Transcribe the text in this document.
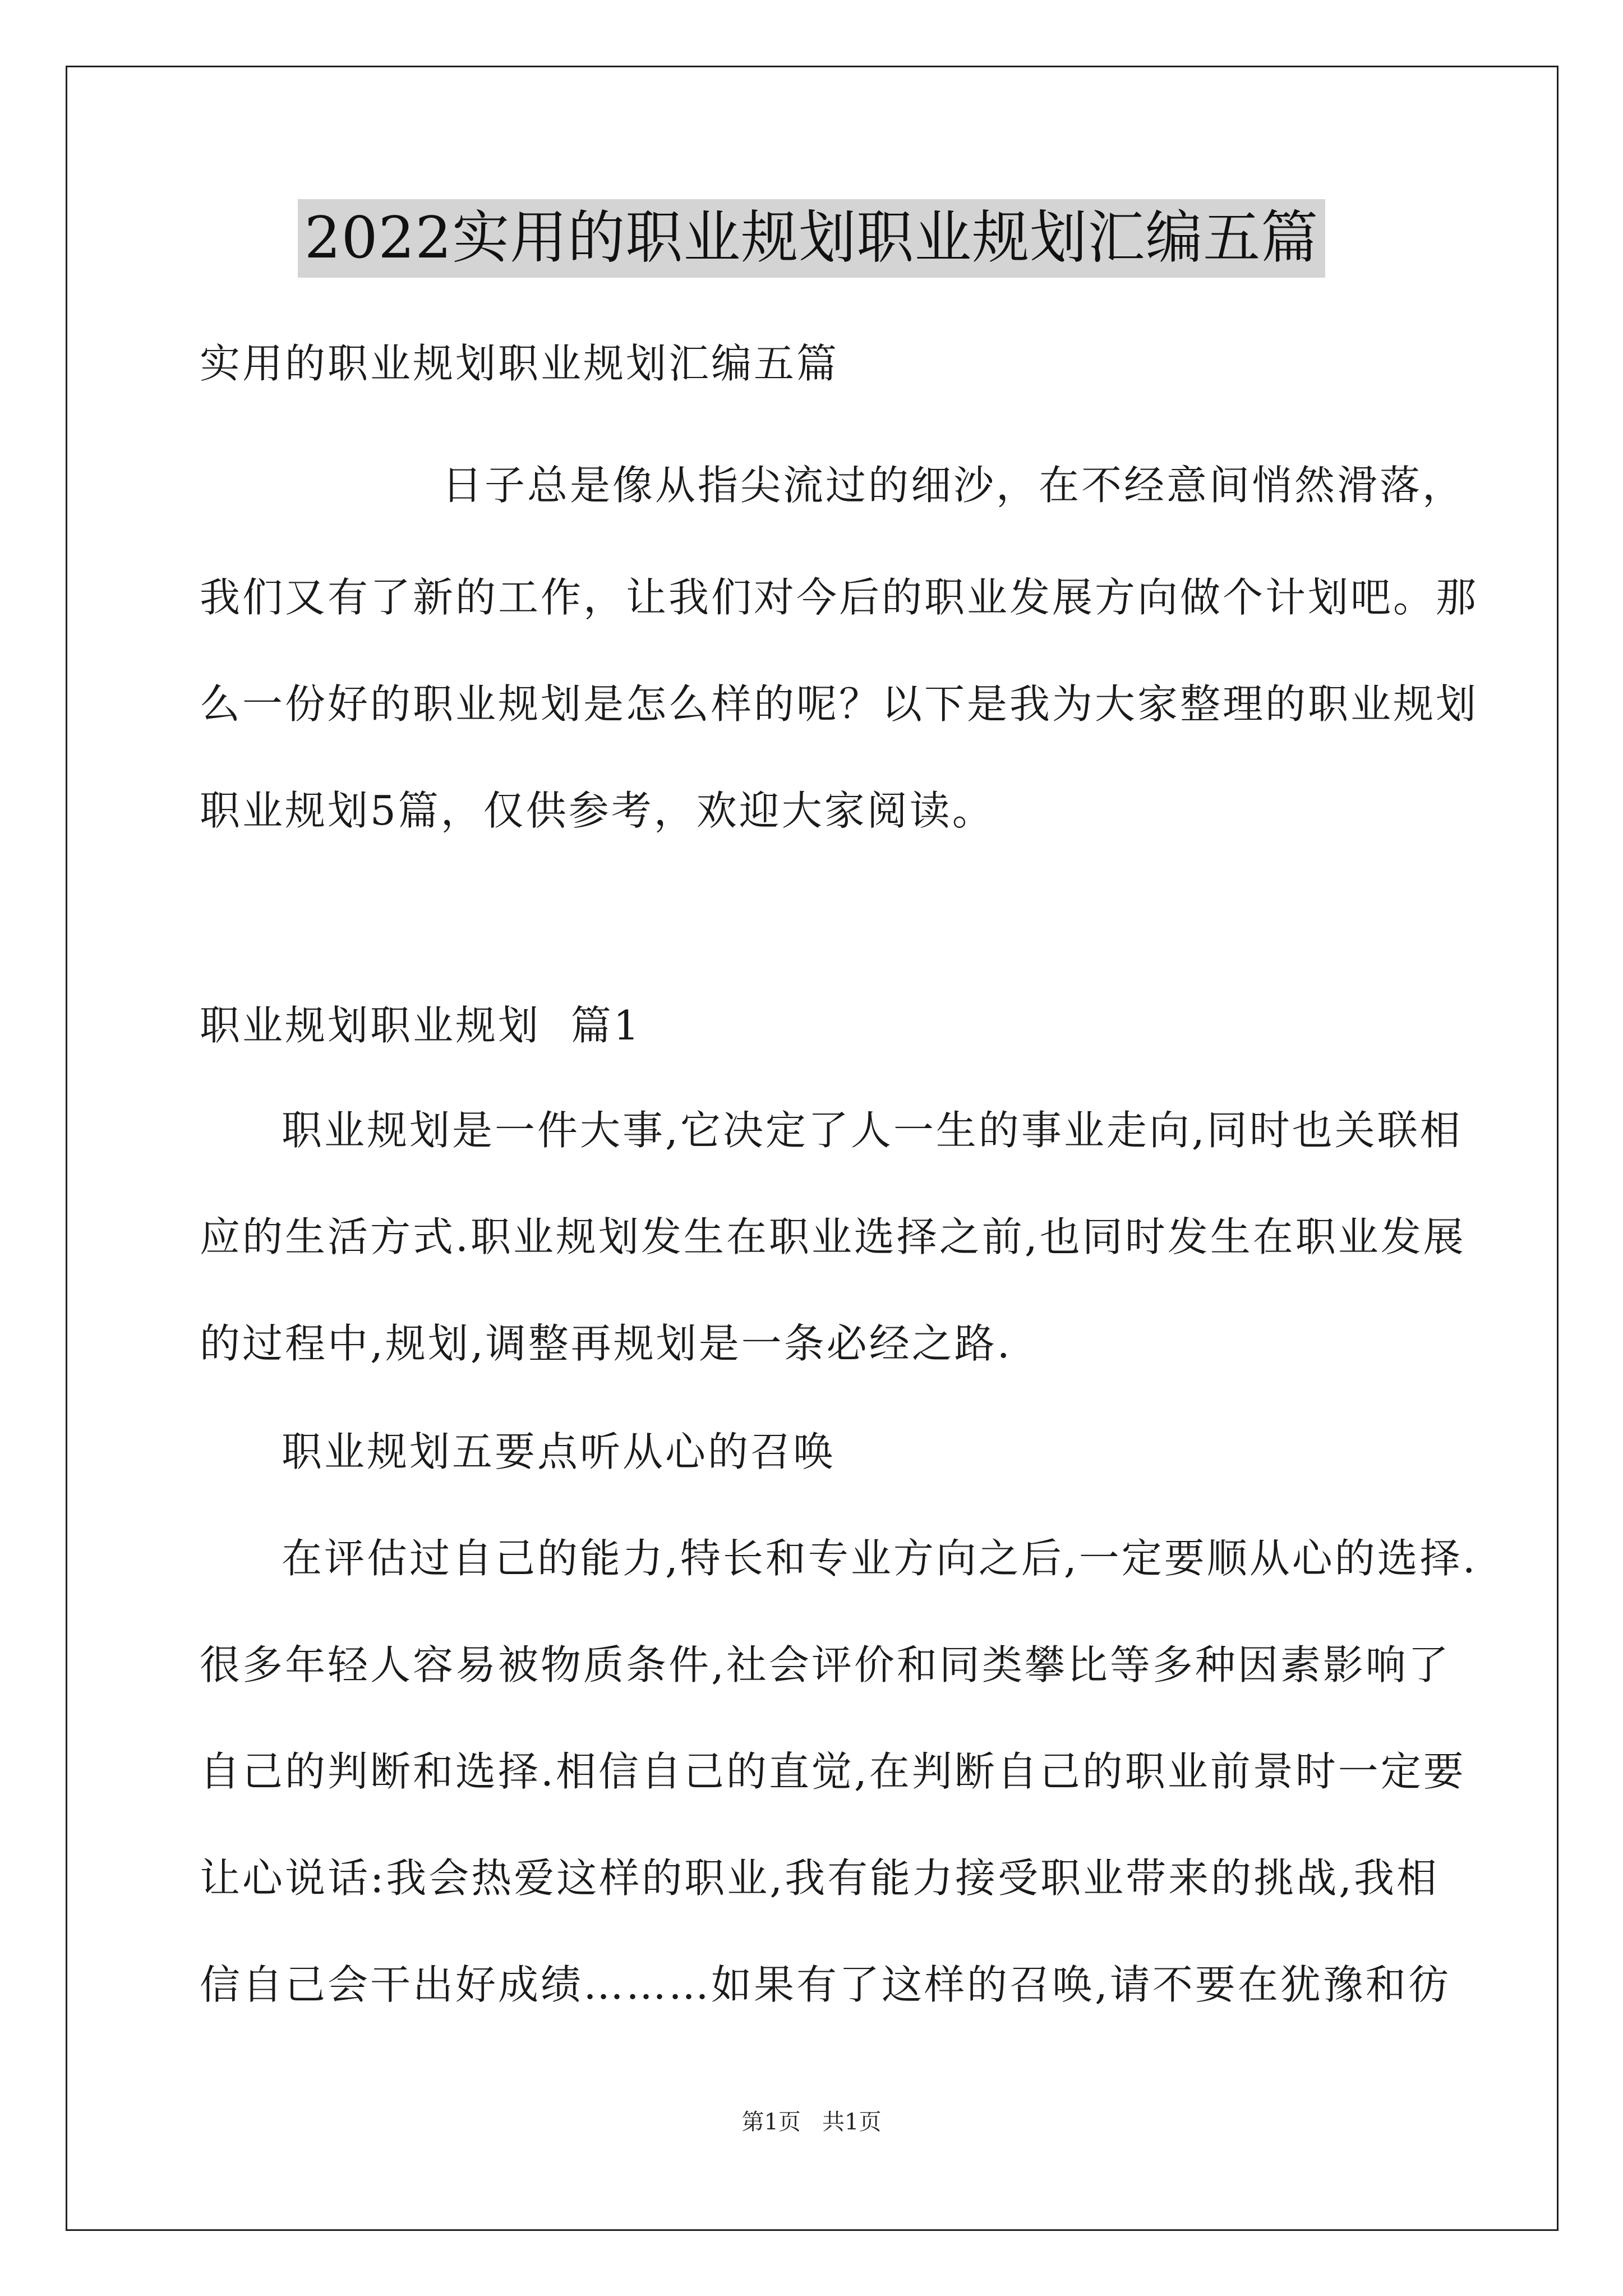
2022实用的职业规划职业规划汇编五篇
实用的职业规划职业规划汇编五篇
日子总是像从指尖流过的细沙，在不经意间悄然滑落，
我们又有了新的工作，让我们对今后的职业发展方向做个计划吧。那
么一份好的职业规划是怎么样的呢？以下是我为大家整理的职业规划
职业规划5篇，仅供参考，欢迎大家阅读。
职业规划职业规划  篇1
职业规划是一件大事,它决定了人一生的事业走向,同时也关联相
应的生活方式.职业规划发生在职业选择之前,也同时发生在职业发展
的过程中,规划,调整再规划是一条必经之路.
职业规划五要点听从心的召唤
在评估过自己的能力,特长和专业方向之后,一定要顺从心的选择.
很多年轻人容易被物质条件,社会评价和同类攀比等多种因素影响了
自己的判断和选择.相信自己的直觉,在判断自己的职业前景时一定要
让心说话:我会热爱这样的职业,我有能力接受职业带来的挑战,我相
信自己会干出好成绩………如果有了这样的召唤,请不要在犹豫和彷
第1页   共1页
